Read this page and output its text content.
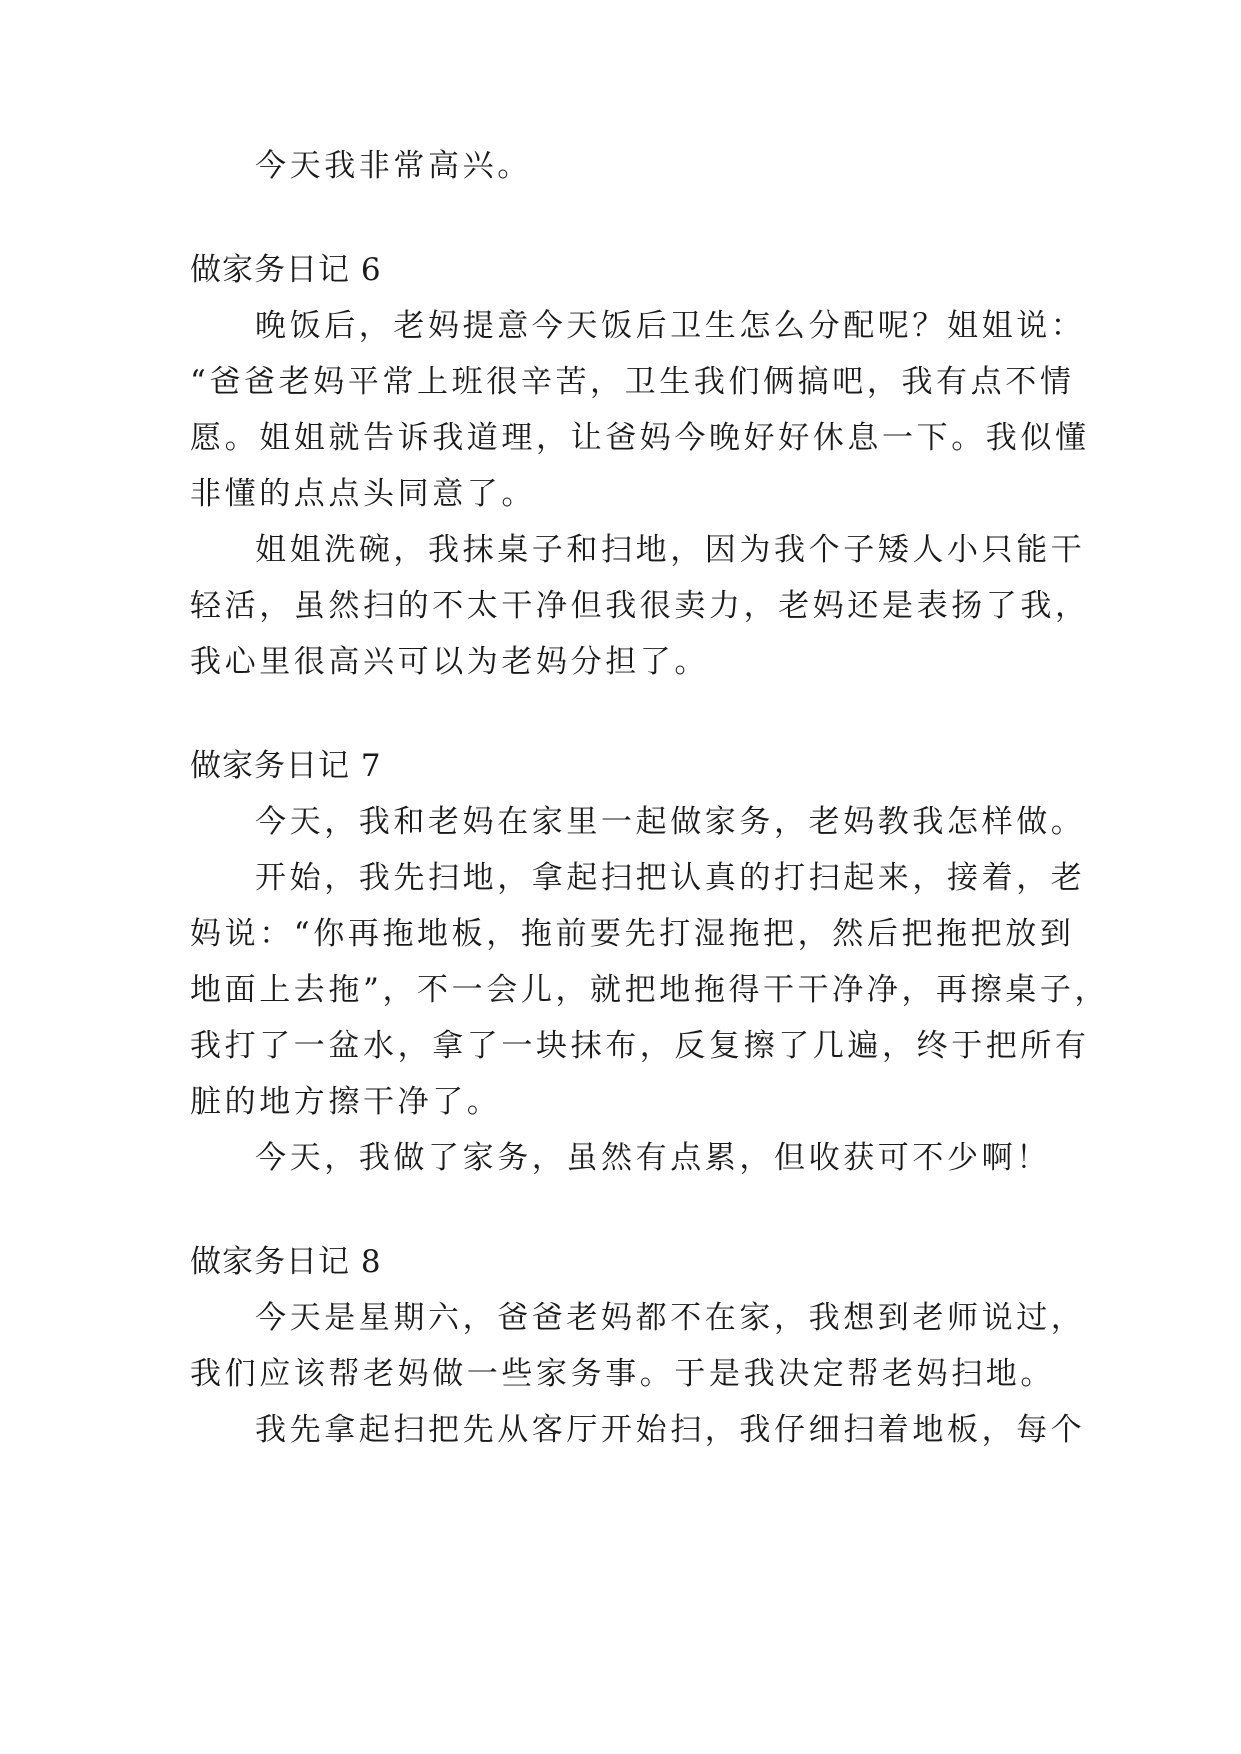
今天我非常高兴。
做家务日记 6
晚饭后，老妈提意今天饭后卫生怎么分配呢？姐姐说：
“爸爸老妈平常上班很辛苦，卫生我们俩搞吧，我有点不情
愿。姐姐就告诉我道理，让爸妈今晚好好休息一下。我似懂
非懂的点点头同意了。
姐姐洗碗，我抹桌子和扫地，因为我个子矮人小只能干
轻活，虽然扫的不太干净但我很卖力，老妈还是表扬了我，
我心里很高兴可以为老妈分担了。
做家务日记 7
今天，我和老妈在家里一起做家务，老妈教我怎样做。
开始，我先扫地，拿起扫把认真的打扫起来，接着，老
妈说：“你再拖地板，拖前要先打湿拖把，然后把拖把放到
地面上去拖”，不一会儿，就把地拖得干干净净，再擦桌子，
我打了一盆水，拿了一块抹布，反复擦了几遍，终于把所有
脏的地方擦干净了。
今天，我做了家务，虽然有点累，但收获可不少啊！
做家务日记 8
今天是星期六，爸爸老妈都不在家，我想到老师说过，
我们应该帮老妈做一些家务事。于是我决定帮老妈扫地。
我先拿起扫把先从客厅开始扫，我仔细扫着地板，每个
